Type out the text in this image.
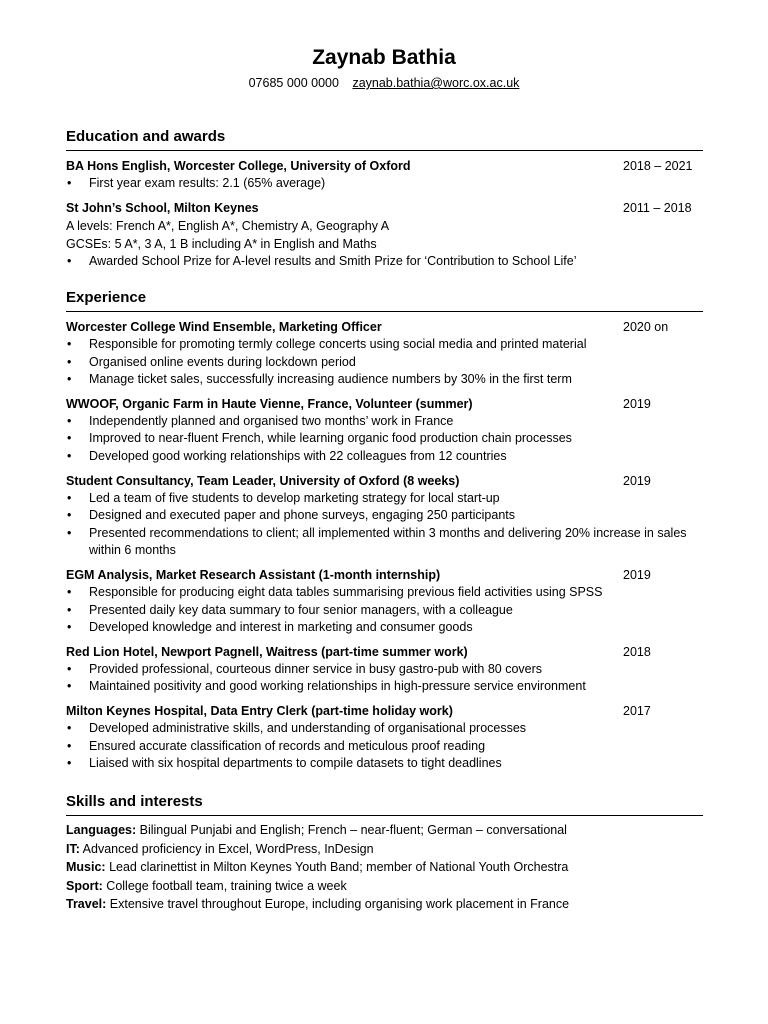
Zaynab Bathia
07685 000 0000 zaynab.bathia@worc.ox.ac.uk
Education and awards
BA Hons English, Worcester College, University of Oxford	2018 – 2021
• First year exam results: 2.1 (65% average)
St John’s School, Milton Keynes	2011 – 2018
A levels: French A*, English A*, Chemistry A, Geography A
GCSEs: 5 A*, 3 A, 1 B including A* in English and Maths
• Awarded School Prize for A-level results and Smith Prize for ‘Contribution to School Life’
Experience
Worcester College Wind Ensemble, Marketing Officer	2020 on
• Responsible for promoting termly college concerts using social media and printed material
• Organised online events during lockdown period
• Manage ticket sales, successfully increasing audience numbers by 30% in the first term
WWOOF, Organic Farm in Haute Vienne, France, Volunteer (summer)	2019
• Independently planned and organised two months’ work in France
• Improved to near-fluent French, while learning organic food production chain processes
• Developed good working relationships with 22 colleagues from 12 countries
Student Consultancy, Team Leader, University of Oxford (8 weeks)	2019
• Led a team of five students to develop marketing strategy for local start-up
• Designed and executed paper and phone surveys, engaging 250 participants
• Presented recommendations to client; all implemented within 3 months and delivering 20% increase in sales within 6 months
EGM Analysis, Market Research Assistant (1-month internship)	2019
• Responsible for producing eight data tables summarising previous field activities using SPSS
• Presented daily key data summary to four senior managers, with a colleague
• Developed knowledge and interest in marketing and consumer goods
Red Lion Hotel, Newport Pagnell, Waitress (part-time summer work)	2018
• Provided professional, courteous dinner service in busy gastro-pub with 80 covers
• Maintained positivity and good working relationships in high-pressure service environment
Milton Keynes Hospital, Data Entry Clerk (part-time holiday work)	2017
• Developed administrative skills, and understanding of organisational processes
• Ensured accurate classification of records and meticulous proof reading
• Liaised with six hospital departments to compile datasets to tight deadlines
Skills and interests
Languages: Bilingual Punjabi and English; French – near-fluent; German – conversational
IT: Advanced proficiency in Excel, WordPress, InDesign
Music: Lead clarinettist in Milton Keynes Youth Band; member of National Youth Orchestra
Sport: College football team, training twice a week
Travel: Extensive travel throughout Europe, including organising work placement in France
